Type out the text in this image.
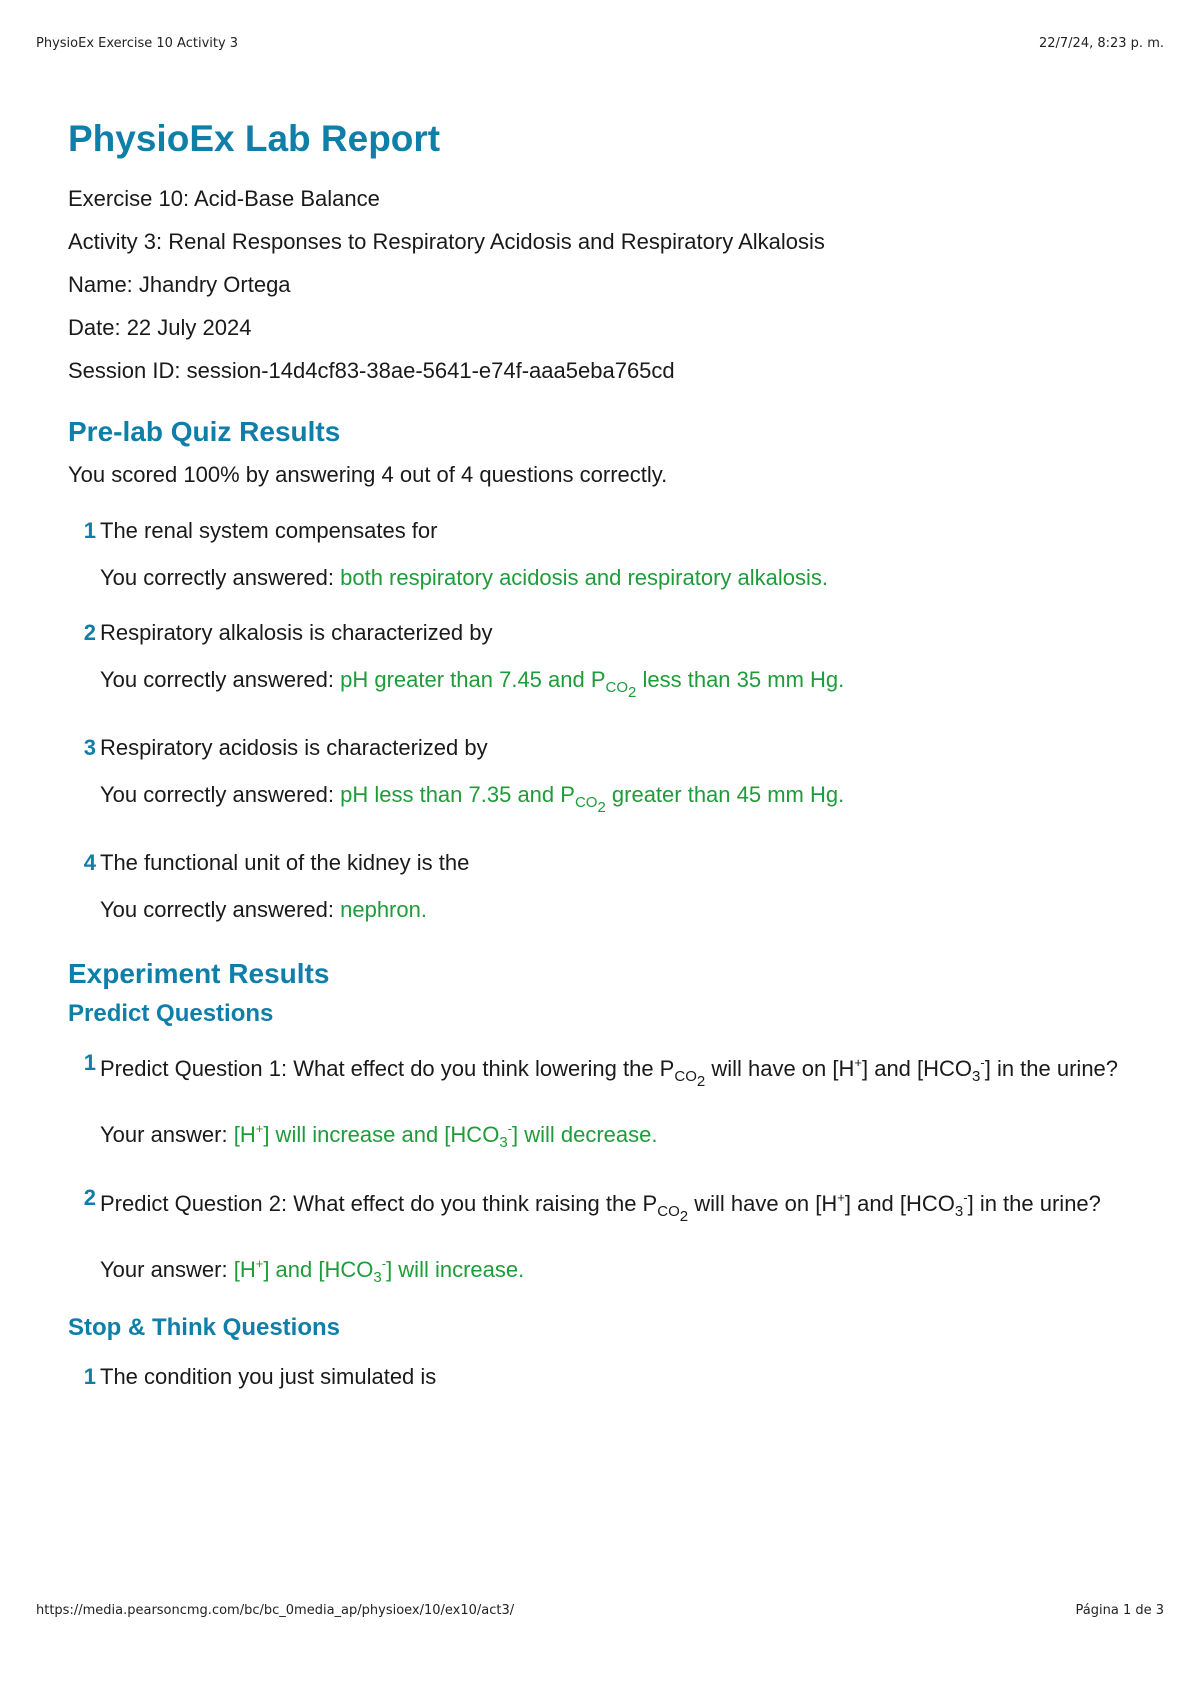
PhysioEx Exercise 10 Activity 3	22/7/24, 8:23 p. m.
PhysioEx Lab Report
Exercise 10: Acid-Base Balance
Activity 3: Renal Responses to Respiratory Acidosis and Respiratory Alkalosis
Name: Jhandry Ortega
Date: 22 July 2024
Session ID: session-14d4cf83-38ae-5641-e74f-aaa5eba765cd
Pre-lab Quiz Results
You scored 100% by answering 4 out of 4 questions correctly.
1 The renal system compensates for
You correctly answered: both respiratory acidosis and respiratory alkalosis.
2 Respiratory alkalosis is characterized by
You correctly answered: pH greater than 7.45 and $P_{CO_2}$ less than 35 mm Hg.
3 Respiratory acidosis is characterized by
You correctly answered: pH less than 7.35 and $P_{CO_2}$ greater than 45 mm Hg.
4 The functional unit of the kidney is the
You correctly answered: nephron.
Experiment Results
Predict Questions
1 Predict Question 1: What effect do you think lowering the $P_{CO_2}$ will have on [H+] and $[HCO_3^-]$ in the urine?
Your answer: [H+] will increase and $[HCO_3^-]$ will decrease.
2 Predict Question 2: What effect do you think raising the $P_{CO_2}$ will have on [H+] and $[HCO_3^-]$ in the urine?
Your answer: [H+] and $[HCO_3^-]$ will increase.
Stop & Think Questions
1 The condition you just simulated is
https://media.pearsoncmg.com/bc/bc_0media_ap/physioex/10/ex10/act3/	Página 1 de 3
